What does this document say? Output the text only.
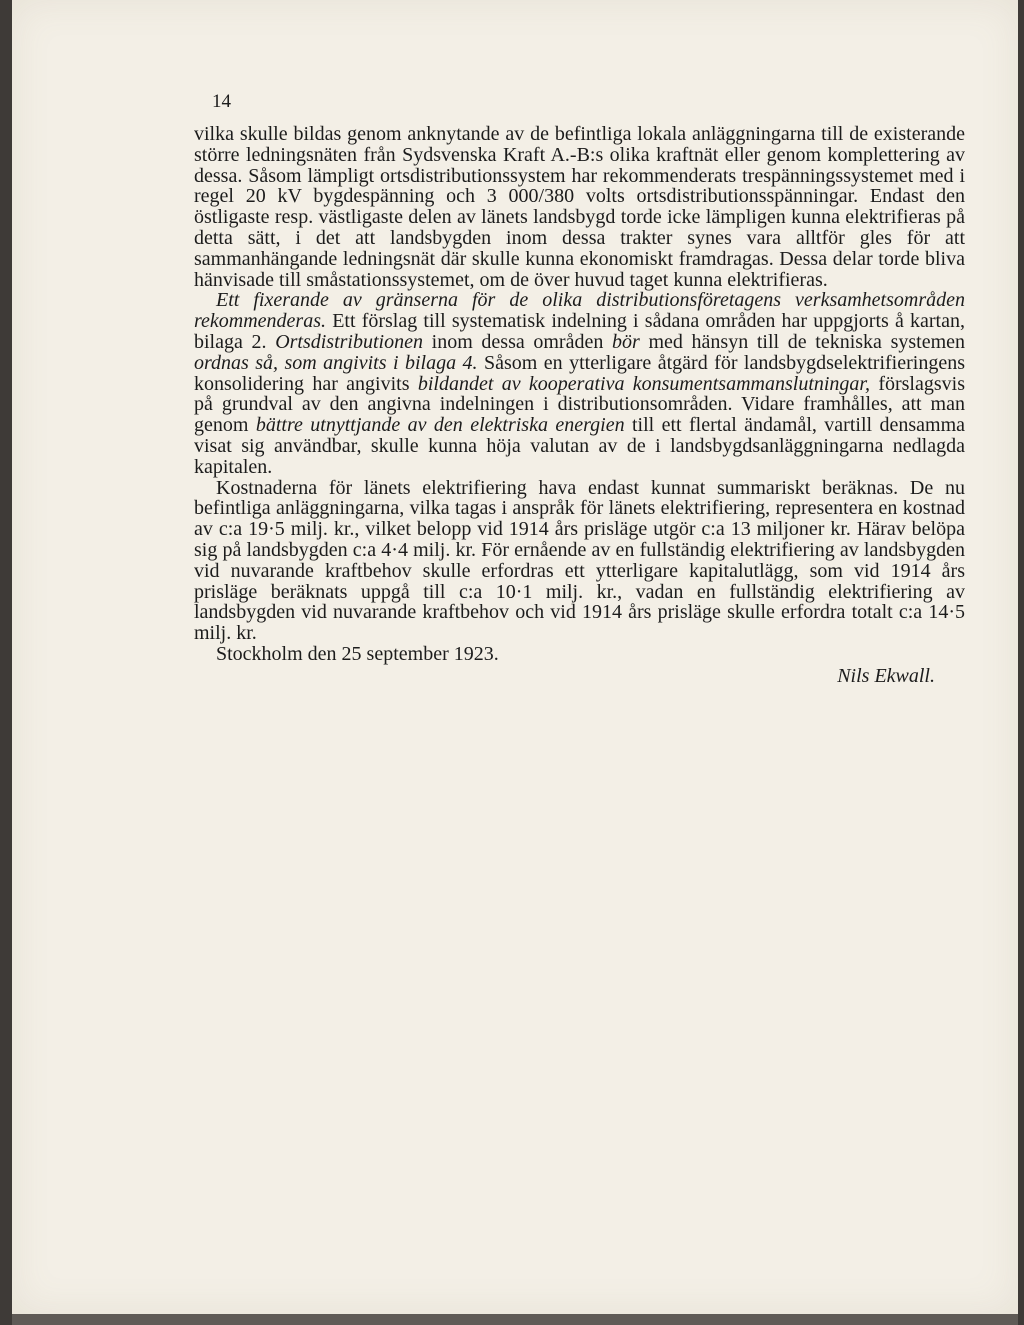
14

vilka skulle bildas genom anknytande av de befintliga lokala anläggningarna till de existerande större ledningsnäten från Sydsvenska Kraft A.-B:s olika kraftnät eller genom komplettering av dessa. Såsom lämpligt ortsdistributionssystem har rekommenderats trespänningssystemet med i regel 20 kV bygdespänning och 3 000/380 volts ortsdistributionsspänningar. Endast den östligaste resp. västligaste delen av länets landsbygd torde icke lämpligen kunna elektrifieras på detta sätt, i det att landsbygden inom dessa trakter synes vara alltför gles för att sammanhängande ledningsnät där skulle kunna ekonomiskt framdragas. Dessa delar torde bliva hänvisade till småstationssystemet, om de över huvud taget kunna elektrifieras.

Ett fixerande av gränserna för de olika distributionsföretagens verksamhetsområden rekommenderas. Ett förslag till systematisk indelning i sådana områden har uppgjorts å kartan, bilaga 2. Ortsdistributionen inom dessa områden bör med hänsyn till de tekniska systemen ordnas så, som angivits i bilaga 4. Såsom en ytterligare åtgärd för landsbygdselektrifieringens konsolidering har angivits bildandet av kooperativa konsumentsammanslutningar, förslagsvis på grundval av den angivna indelningen i distributionsområden. Vidare framhålles, att man genom bättre utnyttjande av den elektriska energien till ett flertal ändamål, vartill densamma visat sig användbar, skulle kunna höja valutan av de i landsbygdsanläggningarna nedlagda kapitalen.

Kostnaderna för länets elektrifiering hava endast kunnat summariskt beräknas. De nu befintliga anläggningarna, vilka tagas i anspråk för länets elektrifiering, representera en kostnad av c:a 19·5 milj. kr., vilket belopp vid 1914 års prisläge utgör c:a 13 miljoner kr. Härav belöpa sig på landsbygden c:a 4·4 milj. kr. För ernående av en fullständig elektrifiering av landsbygden vid nuvarande kraftbehov skulle erfordras ett ytterligare kapitalutlägg, som vid 1914 års prisläge beräknats uppgå till c:a 10·1 milj. kr., vadan en fullständig elektrifiering av landsbygden vid nuvarande kraftbehov och vid 1914 års prisläge skulle erfordra totalt c:a 14·5 milj. kr.

Stockholm den 25 september 1923.

Nils Ekwall.
